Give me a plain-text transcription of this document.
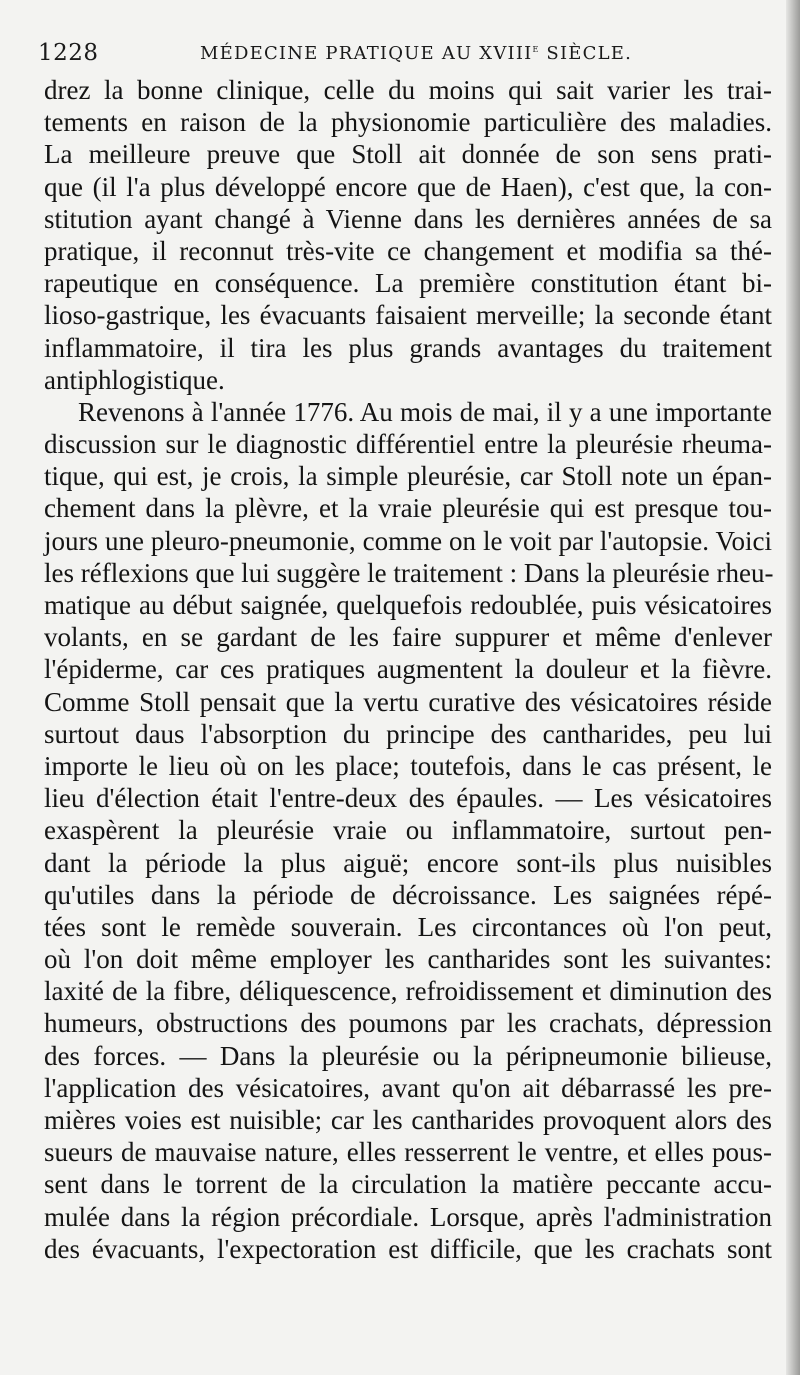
1228	MÉDECINE PRATIQUE AU XVIIIe SIÈCLE.
drez la bonne clinique, celle du moins qui sait varier les trai-
tements en raison de la physionomie particulière des maladies.
La meilleure preuve que Stoll ait donnée de son sens prati-
que (il l'a plus développé encore que de Haen), c'est que, la con-
stitution ayant changé à Vienne dans les dernières années de sa
pratique, il reconnut très-vite ce changement et modifia sa thé-
rapeutique en conséquence. La première constitution étant bi-
lioso-gastrique, les évacuants faisaient merveille; la seconde étant
inflammatoire, il tira les plus grands avantages du traitement
antiphlogistique.
Revenons à l'année 1776. Au mois de mai, il y a une importante
discussion sur le diagnostic différentiel entre la pleurésie rheuma-
tique, qui est, je crois, la simple pleurésie, car Stoll note un épan-
chement dans la plèvre, et la vraie pleurésie qui est presque tou-
jours une pleuro-pneumonie, comme on le voit par l'autopsie. Voici
les réflexions que lui suggère le traitement : Dans la pleurésie rheu-
matique au début saignée, quelquefois redoublée, puis vésicatoires
volants, en se gardant de les faire suppurer et même d'enlever
l'épiderme, car ces pratiques augmentent la douleur et la fièvre.
Comme Stoll pensait que la vertu curative des vésicatoires réside
surtout daus l'absorption du principe des cantharides, peu lui
importe le lieu où on les place; toutefois, dans le cas présent, le
lieu d'élection était l'entre-deux des épaules. — Les vésicatoires
exaspèrent la pleurésie vraie ou inflammatoire, surtout pen-
dant la période la plus aiguë; encore sont-ils plus nuisibles
qu'utiles dans la période de décroissance. Les saignées répé-
tées sont le remède souverain. Les circontances où l'on peut,
où l'on doit même employer les cantharides sont les suivantes:
laxité de la fibre, déliquescence, refroidissement et diminution des
humeurs, obstructions des poumons par les crachats, dépression
des forces. — Dans la pleurésie ou la péripneumonie bilieuse,
l'application des vésicatoires, avant qu'on ait débarrassé les pre-
mières voies est nuisible; car les cantharides provoquent alors des
sueurs de mauvaise nature, elles resserrent le ventre, et elles pous-
sent dans le torrent de la circulation la matière peccante accu-
mulée dans la région précordiale. Lorsque, après l'administration
des évacuants, l'expectoration est difficile, que les crachats sont
